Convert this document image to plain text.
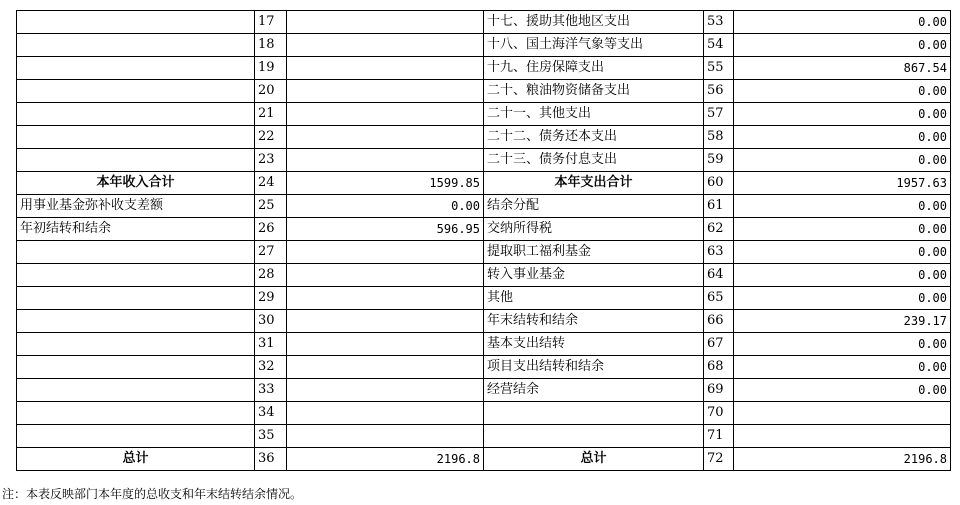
	17		十七、援助其他地区支出	53	0.00
	18		十八、国土海洋气象等支出	54	0.00
	19		十九、住房保障支出	55	867.54
	20		二十、粮油物资储备支出	56	0.00
	21		二十一、其他支出	57	0.00
	22		二十二、债务还本支出	58	0.00
	23		二十三、债务付息支出	59	0.00
本年收入合计	24	1599.85	本年支出合计	60	1957.63
用事业基金弥补收支差额	25	0.00	结余分配	61	0.00
年初结转和结余	26	596.95	交纳所得税	62	0.00
	27		提取职工福利基金	63	0.00
	28		转入事业基金	64	0.00
	29		其他	65	0.00
	30		年末结转和结余	66	239.17
	31		基本支出结转	67	0.00
	32		项目支出结转和结余	68	0.00
	33		经营结余	69	0.00
	34			70	
	35			71	
总计	36	2196.8	总计	72	2196.8
注：本表反映部门本年度的总收支和年末结转结余情况。
